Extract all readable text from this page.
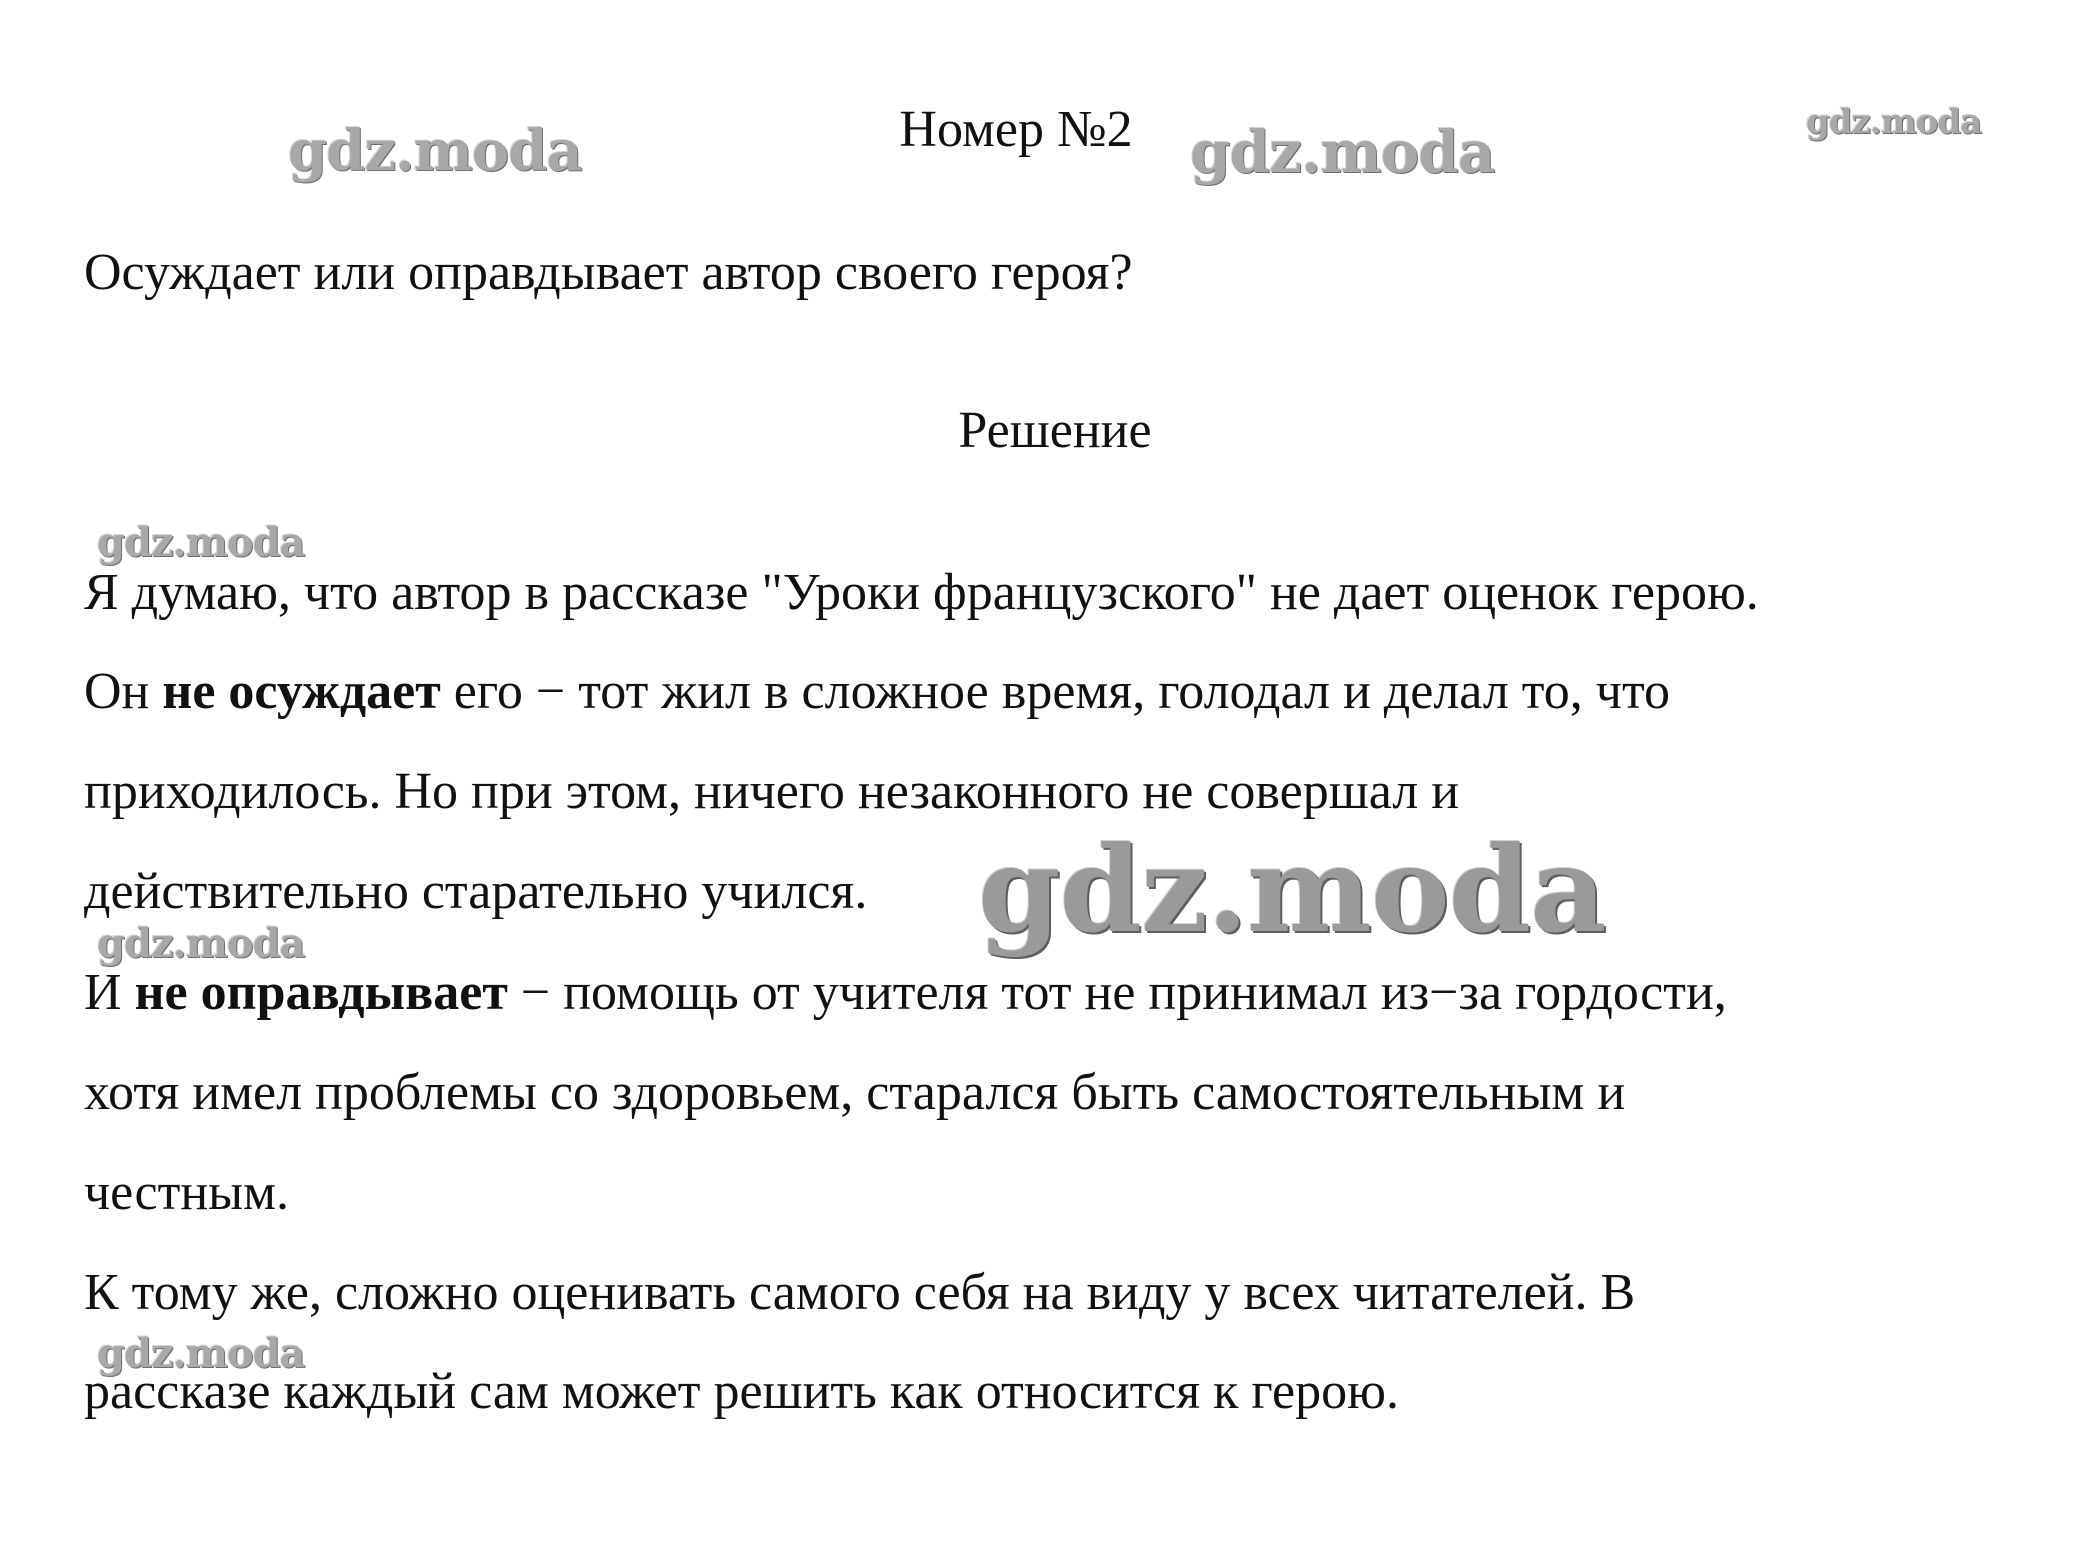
Номер №2
Осуждает или оправдывает автор своего героя?
Решение
Я думаю, что автор в рассказе "Уроки французского" не дает оценок герою.
Он не осуждает его − тот жил в сложное время, голодал и делал то, что
приходилось. Но при этом, ничего незаконного не совершал и
действительно старательно учился.
И не оправдывает − помощь от учителя тот не принимал из−за гордости,
хотя имел проблемы со здоровьем, старался быть самостоятельным и
честным.
К тому же, сложно оценивать самого себя на виду у всех читателей. В
рассказе каждый сам может решить как относится к герою.
gdz.moda	gdz.moda	gdz.moda
gdz.moda
gdz.moda
gdz.moda
gdz.moda
